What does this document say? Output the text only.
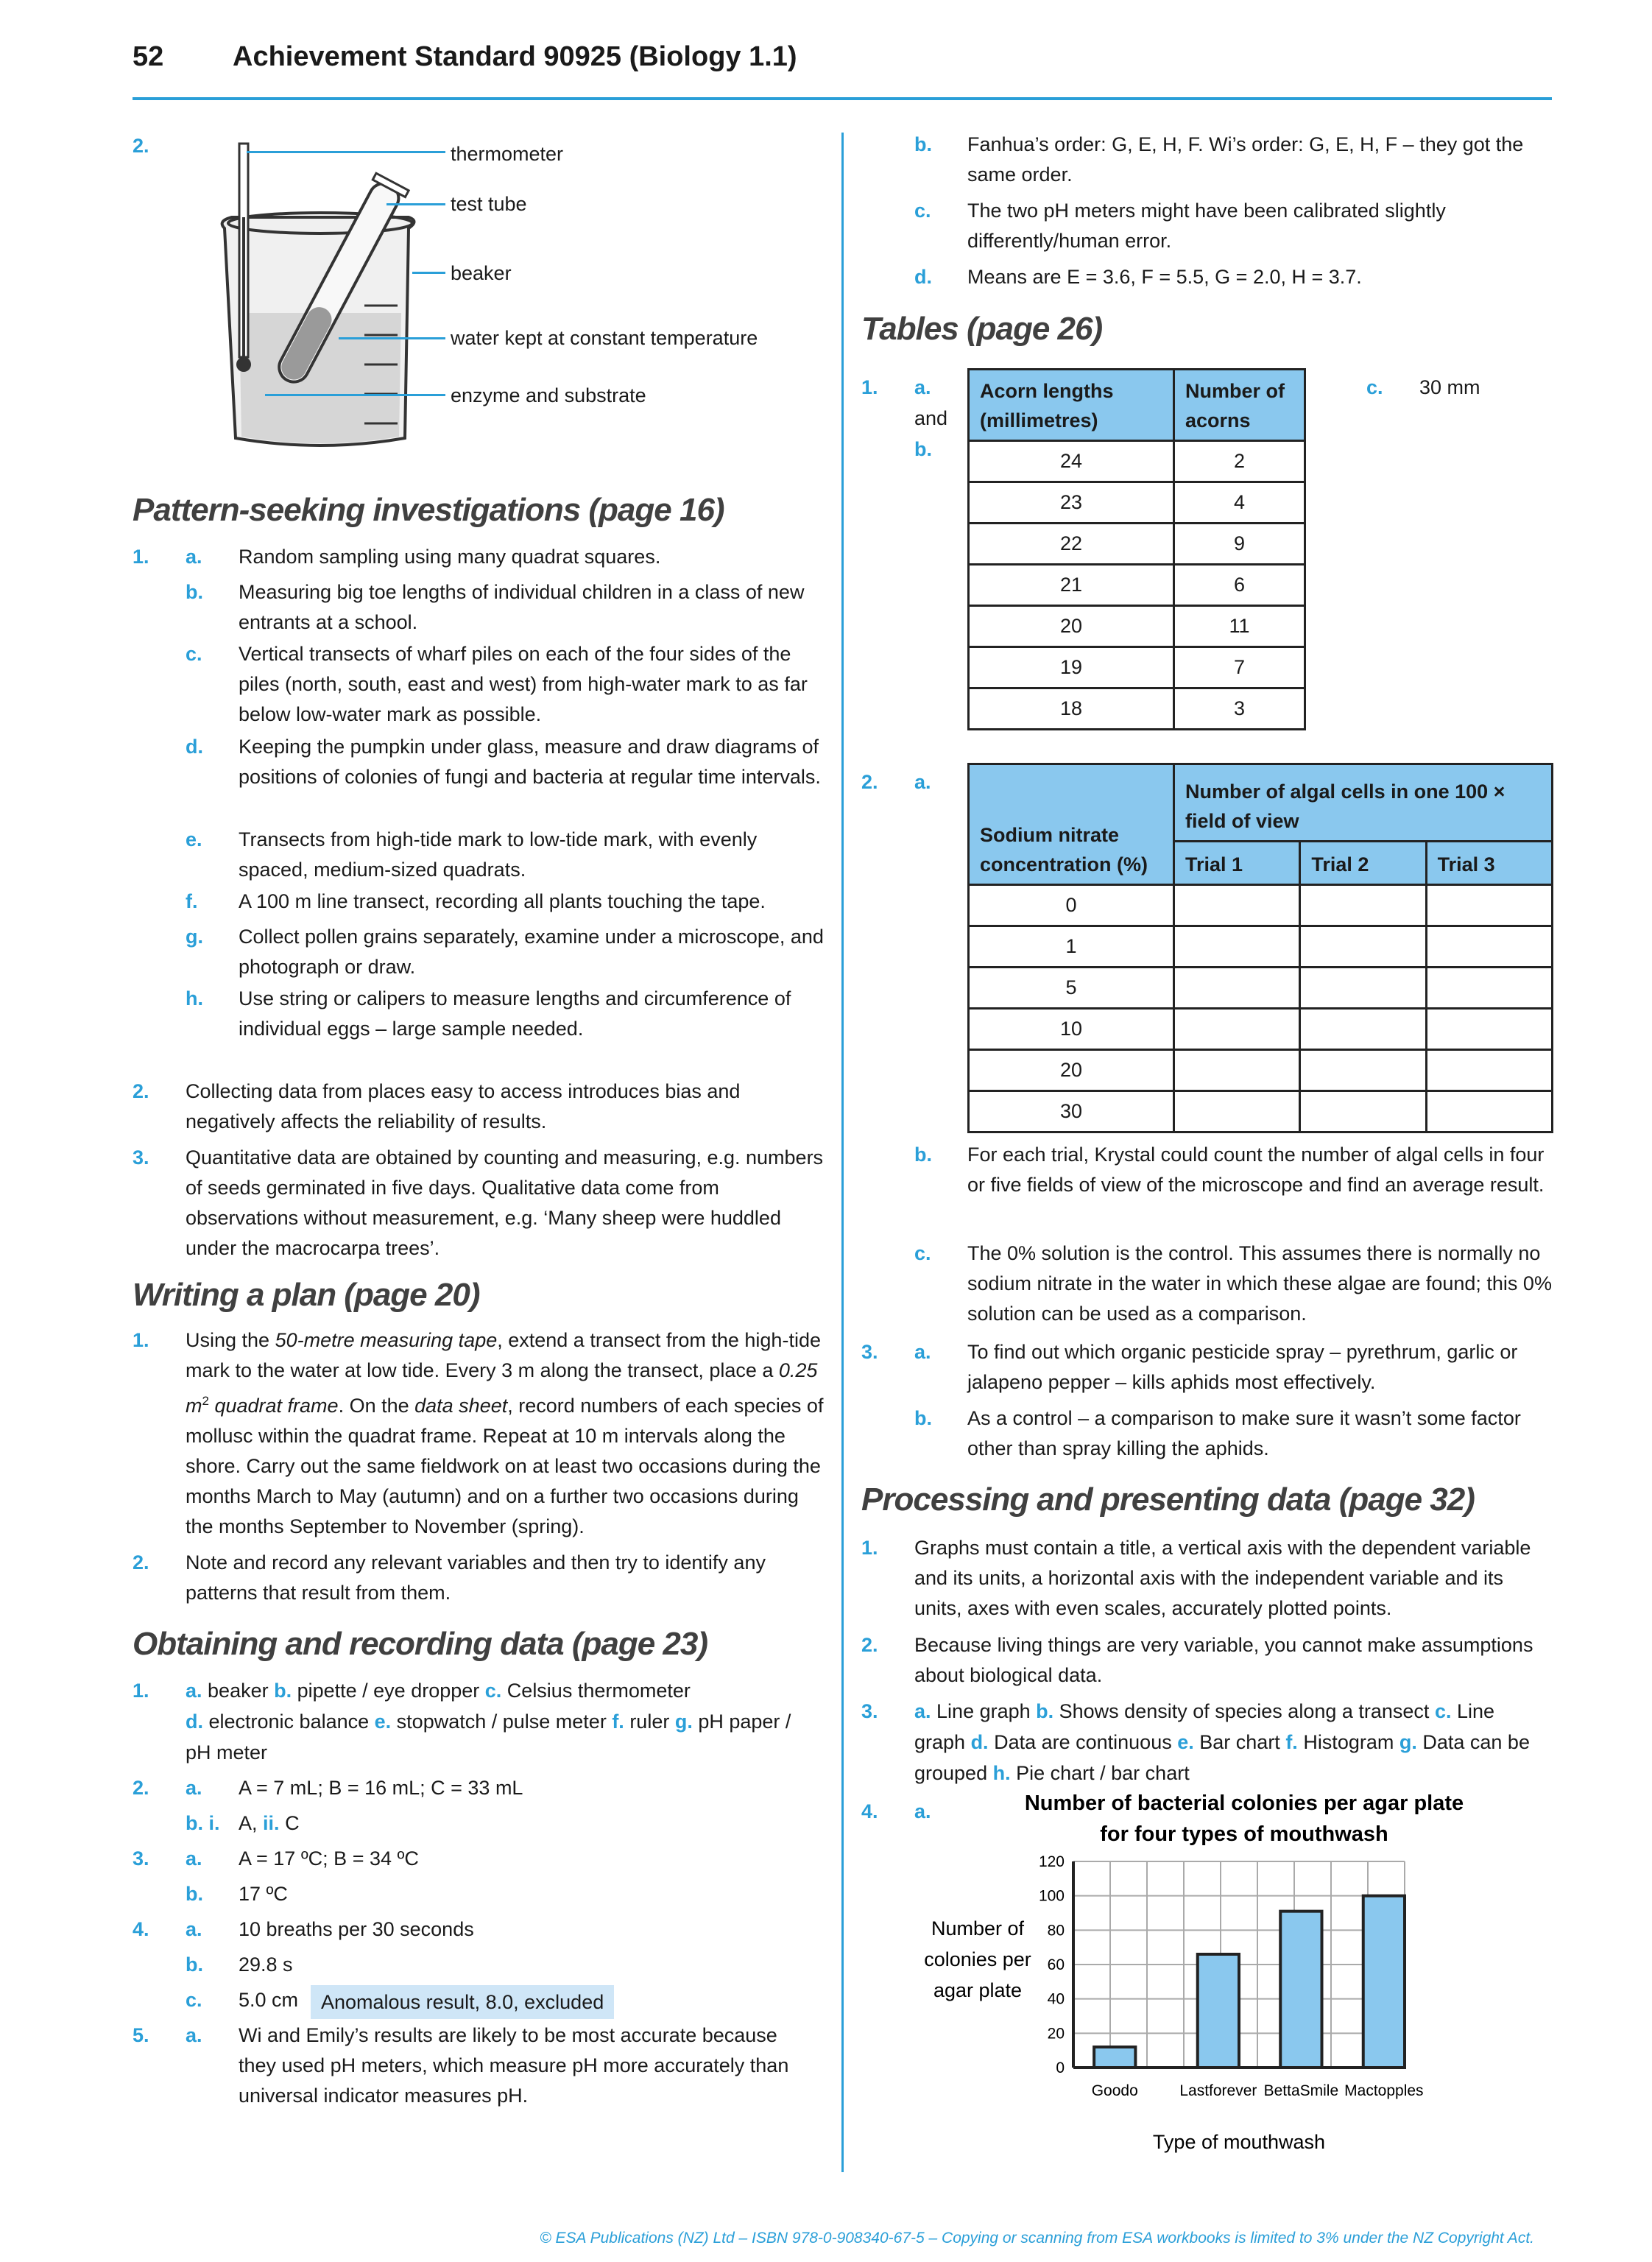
52 Achievement Standard 90925 (Biology 1.1)
2.	thermometer
test tube
beaker
water kept at constant temperature
enzyme and substrate
Pattern-seeking investigations (page 16)
1. a. Random sampling using many quadrat squares.
b. Measuring big toe lengths of individual children in a class of new entrants at a school.
c. Vertical transects of wharf piles on each of the four sides of the piles (north, south, east and west) from high-water mark to as far below low-water mark as possible.
d. Keeping the pumpkin under glass, measure and draw diagrams of positions of colonies of fungi and bacteria at regular time intervals.
e. Transects from high-tide mark to low-tide mark, with evenly spaced, medium-sized quadrats.
f. A 100 m line transect, recording all plants touching the tape.
g. Collect pollen grains separately, examine under a microscope, and photograph or draw.
h. Use string or calipers to measure lengths and circumference of individual eggs – large sample needed.
2. Collecting data from places easy to access introduces bias and negatively affects the reliability of results.
3. Quantitative data are obtained by counting and measuring, e.g. numbers of seeds germinated in five days. Qualitative data come from observations without measurement, e.g. ‘Many sheep were huddled under the macrocarpa trees’.
Writing a plan (page 20)
1. Using the 50-metre measuring tape, extend a transect from the high-tide mark to the water at low tide. Every 3 m along the transect, place a 0.25 $m^2$ quadrat frame. On the data sheet, record numbers of each species of mollusc within the quadrat frame. Repeat at 10 m intervals along the shore. Carry out the same fieldwork on at least two occasions during the months March to May (autumn) and on a further two occasions during the months September to November (spring).
2. Note and record any relevant variables and then try to identify any patterns that result from them.
Obtaining and recording data (page 23)
1. a. beaker b. pipette / eye dropper c. Celsius thermometer
d. electronic balance e. stopwatch / pulse meter f. ruler g. pH paper /
pH meter
2. a. A = 7 mL; B = 16 mL; C = 33 mL
b. i. A, ii. C
3. a. A = 17 ºC; B = 34 ºC
b. 17 ºC
4. a. 10 breaths per 30 seconds
b. 29.8 s
c. 5.0 cm	Anomalous result, 8.0, excluded
5. a. Wi and Emily’s results are likely to be most accurate because they used pH meters, which measure pH more accurately than universal indicator measures pH.
b. Fanhua’s order: G, E, H, F. Wi’s order: G, E, H, F – they got the same order.
c. The two pH meters might have been calibrated slightly differently/human error.
d. Means are E = 3.6, F = 5.5, G = 2.0, H = 3.7.
Tables (page 26)
1. a.
and
b.
Acorn lengths (millimetres)	Number of acorns
24	2
23	4
22	9
21	6
20	11
19	7
18	3
c. 30 mm
2. a.
Sodium nitrate concentration (%)	Number of algal cells in one 100 × field of view		
	Trial 1	Trial 2	Trial 3
0			
1			
5			
10			
20			
30			
b. For each trial, Krystal could count the number of algal cells in four or five fields of view of the microscope and find an average result.
c. The 0% solution is the control. This assumes there is normally no sodium nitrate in the water in which these algae are found; this 0% solution can be used as a comparison.
3. a. To find out which organic pesticide spray – pyrethrum, garlic or jalapeno pepper – kills aphids most effectively.
b. As a control – a comparison to make sure it wasn’t some factor other than spray killing the aphids.
Processing and presenting data (page 32)
1. Graphs must contain a title, a vertical axis with the dependent variable and its units, a horizontal axis with the independent variable and its units, axes with even scales, accurately plotted points.
2. Because living things are very variable, you cannot make assumptions about biological data.
3. a. Line graph b. Shows density of species along a transect c. Line
graph d. Data are continuous e. Bar chart f. Histogram g. Data can be
grouped h. Pie chart / bar chart
4. a.	Number of bacterial colonies per agar plate
for four types of mouthwash
Number of
colonies per
agar plate
Type of mouthwash
0
20
40
60
80
100
120
Goodo	Lastforever BettaSmile Mactopples
© ESA Publications (NZ) Ltd – ISBN 978-0-908340-67-5 – Copying or scanning from ESA workbooks is limited to 3% under the NZ Copyright Act.
